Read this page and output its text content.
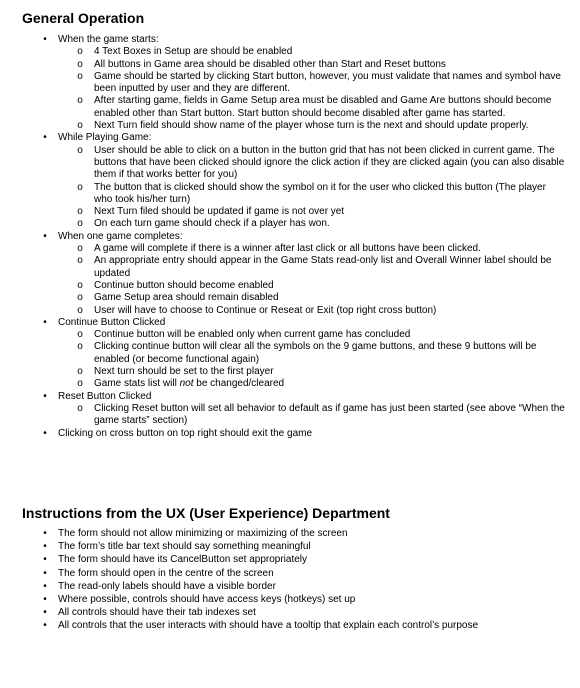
General Operation
•	When the game starts:
o 4 Text Boxes in Setup are should be enabled
o All buttons in Game area should be disabled other than Start and Reset buttons
o Game should be started by clicking Start button, however, you must validate that names and symbol have been inputted by user and they are different.
o After starting game, fields in Game Setup area must be disabled and Game Are buttons should become enabled other than Start button. Start button should become disabled after game has started.
o Next Turn field should show name of the player whose turn is the next and should update properly.
•	While Playing Game:
o User should be able to click on a button in the button grid that has not been clicked in current game. The buttons that have been clicked should ignore the click action if they are clicked again (you can also disable them if that works better for you)
o The button that is clicked should show the symbol on it for the user who clicked this button (The player who took his/her turn)
o Next Turn filed should be updated if game is not over yet
o On each turn game should check if a player has won.
•	When one game completes:
o A game will complete if there is a winner after last click or all buttons have been clicked.
o An appropriate entry should appear in the Game Stats read-only list and Overall Winner label should be updated
o Continue button should become enabled
o Game Setup area should remain disabled
o User will have to choose to Continue or Reseat or Exit (top right cross button)
•	Continue Button Clicked
o Continue button will be enabled only when current game has concluded
o Clicking continue button will clear all the symbols on the 9 game buttons, and these 9 buttons will be enabled (or become functional again)
o Next turn should be set to the first player
o Game stats list will not be changed/cleared
•	Reset Button Clicked
o Clicking Reset button will set all behavior to default as if game has just been started (see above “When the game starts” section)
•	Clicking on cross button on top right should exit the game
Instructions from the UX (User Experience) Department
•	The form should not allow minimizing or maximizing of the screen
•	The form’s title bar text should say something meaningful
•	The form should have its CancelButton set appropriately
•	The form should open in the centre of the screen
•	The read-only labels should have a visible border
•	Where possible, controls should have access keys (hotkeys) set up
•	All controls should have their tab indexes set
•	All controls that the user interacts with should have a tooltip that explain each control’s purpose
